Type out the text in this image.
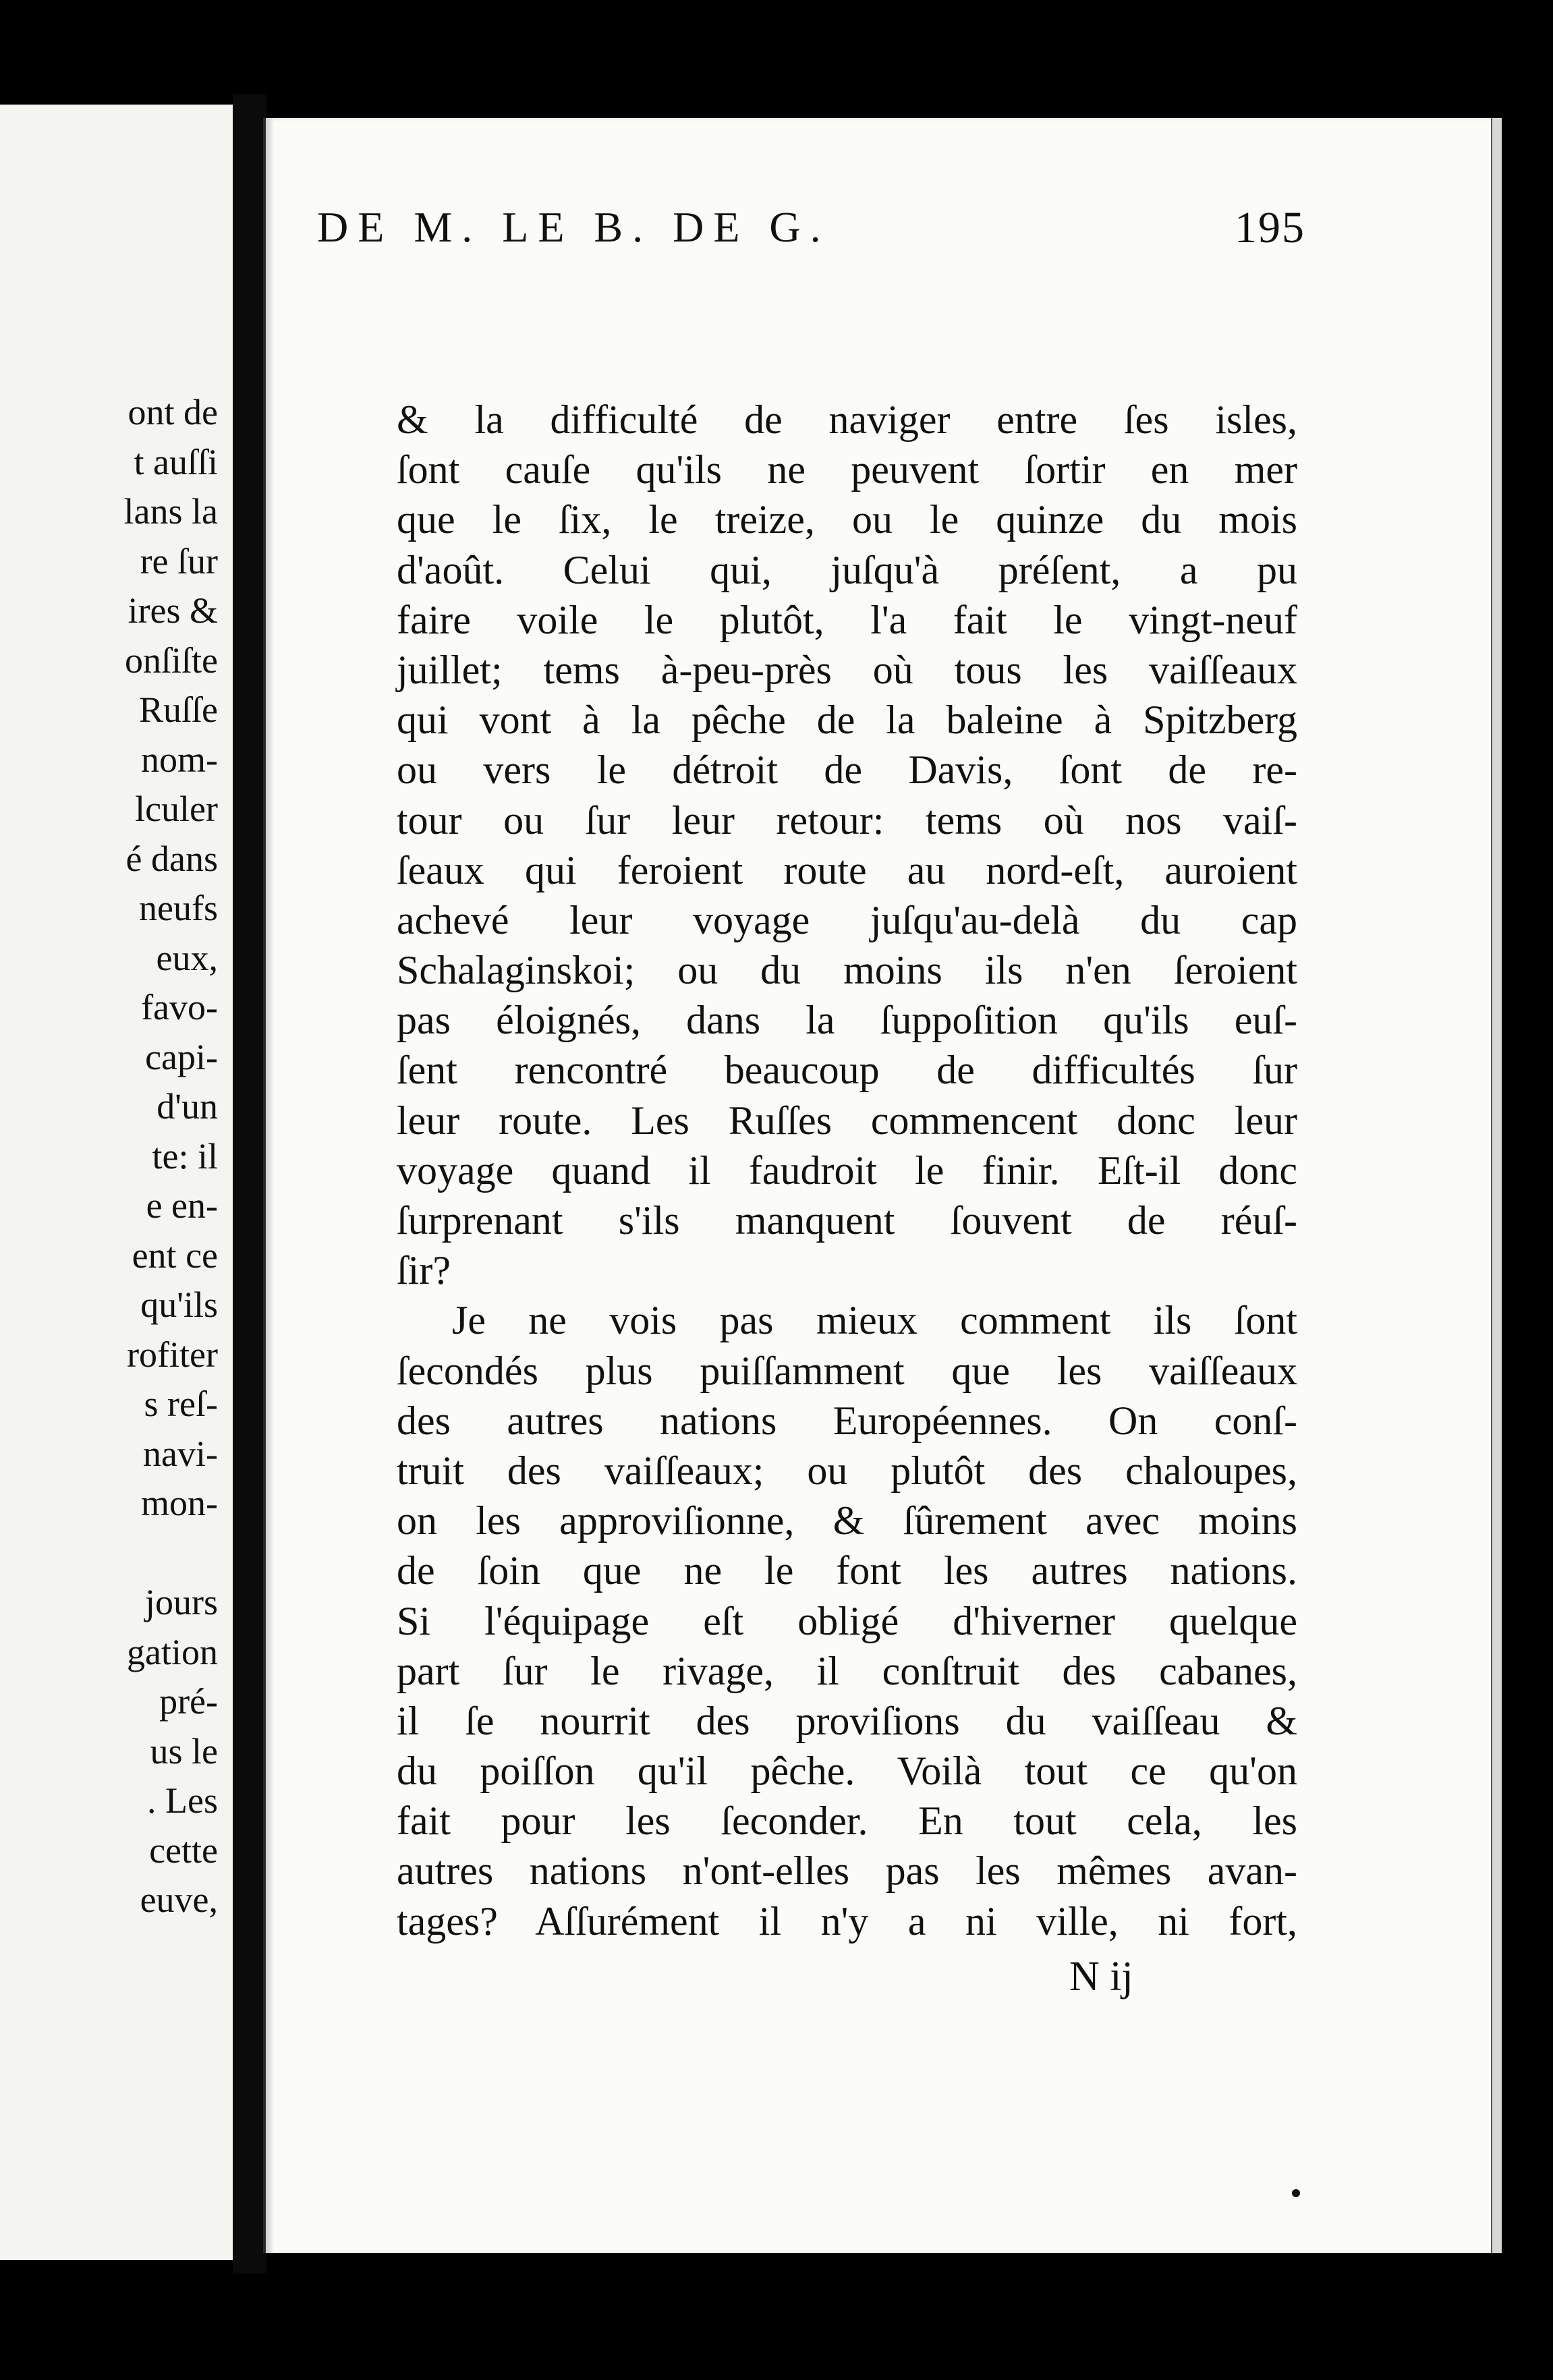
ont de
t auſſi
lans la
re ſur
ires &
onſiſte
Ruſſe
nom-
lculer
é dans
neufs
eux,
favo-
capi-
d'un
te: il
e en-
ent ce
qu'ils
rofiter
s reſ-
navi-
mon-
jours
gation
pré-
us le
. Les
cette
euve,
DE M. LE B. DE G.	195
& la difficulté de naviger entre ſes isles,
ſont cauſe qu'ils ne peuvent ſortir en mer
que le ſix, le treize, ou le quinze du mois
d'août. Celui qui, juſqu'à préſent, a pu
faire voile le plutôt, l'a fait le vingt-neuf
juillet; tems à-peu-près où tous les vaiſſeaux
qui vont à la pêche de la baleine à Spitzberg
ou vers le détroit de Davis, ſont de re-
tour ou ſur leur retour: tems où nos vaiſ-
ſeaux qui feroient route au nord-eſt, auroient
achevé leur voyage juſqu'au-delà du cap
Schalaginskoi; ou du moins ils n'en ſeroient
pas éloignés, dans la ſuppoſition qu'ils euſ-
ſent rencontré beaucoup de difficultés ſur
leur route. Les Ruſſes commencent donc leur
voyage quand il faudroit le finir. Eſt-il donc
ſurprenant s'ils manquent ſouvent de réuſ-
ſir?
Je ne vois pas mieux comment ils ſont
ſecondés plus puiſſamment que les vaiſſeaux
des autres nations Européennes. On conſ-
truit des vaiſſeaux; ou plutôt des chaloupes,
on les approviſionne, & ſûrement avec moins
de ſoin que ne le font les autres nations.
Si l'équipage eſt obligé d'hiverner quelque
part ſur le rivage, il conſtruit des cabanes,
il ſe nourrit des proviſions du vaiſſeau &
du poiſſon qu'il pêche. Voilà tout ce qu'on
fait pour les ſeconder. En tout cela, les
autres nations n'ont-elles pas les mêmes avan-
tages? Aſſurément il n'y a ni ville, ni fort,
N ij
